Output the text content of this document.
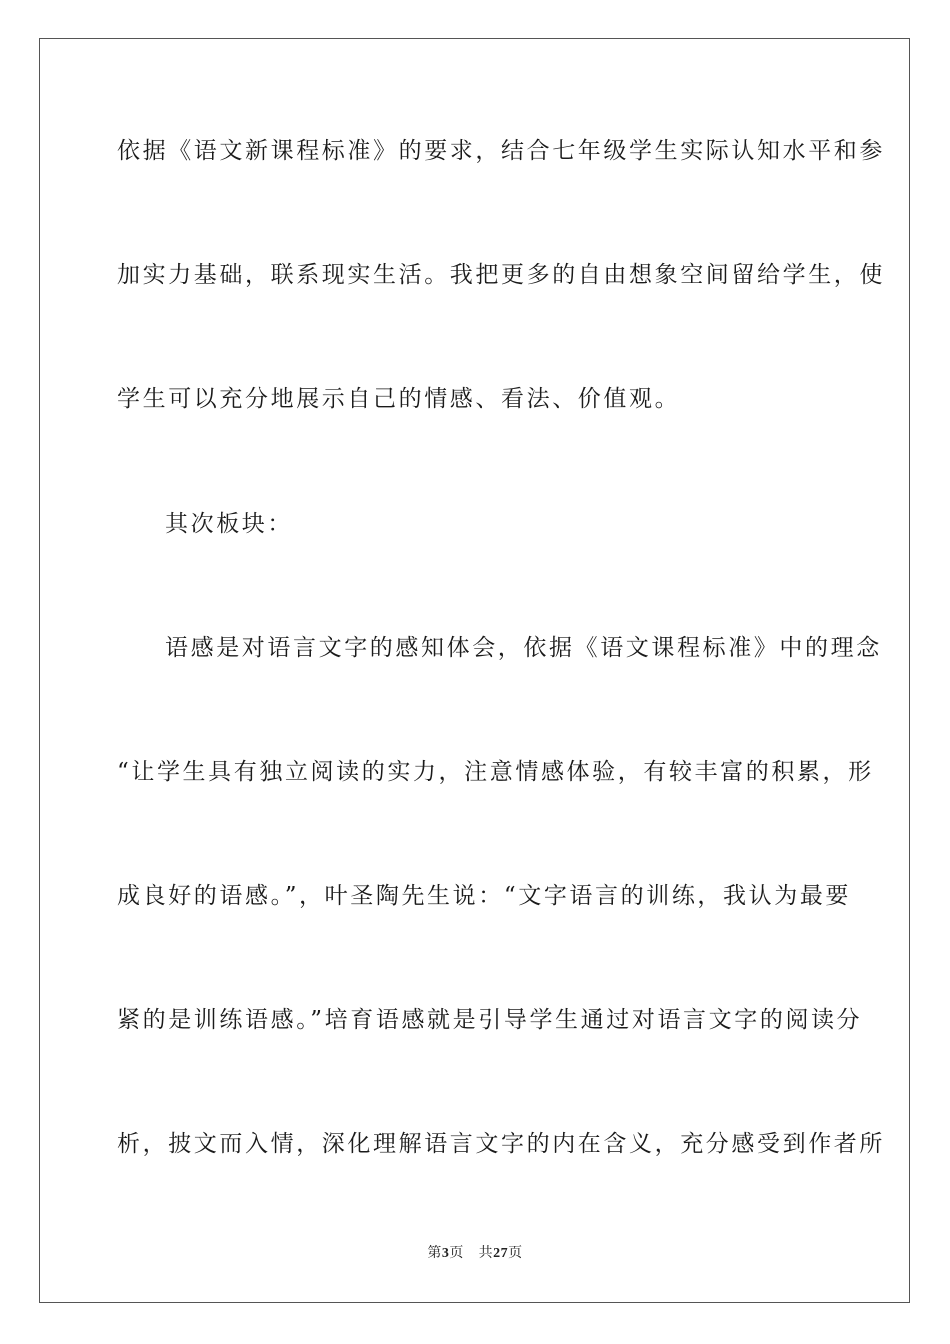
依据《语文新课程标准》的要求，结合七年级学生实际认知水平和参
加实力基础，联系现实生活。我把更多的自由想象空间留给学生，使
学生可以充分地展示自己的情感、看法、价值观。
其次板块：
语感是对语言文字的感知体会，依据《语文课程标准》中的理念
“让学生具有独立阅读的实力，注意情感体验，有较丰富的积累，形
成良好的语感。”，叶圣陶先生说：“文字语言的训练，我认为最要
紧的是训练语感。”培育语感就是引导学生通过对语言文字的阅读分
析，披文而入情，深化理解语言文字的内在含义，充分感受到作者所
第3页 共27页
